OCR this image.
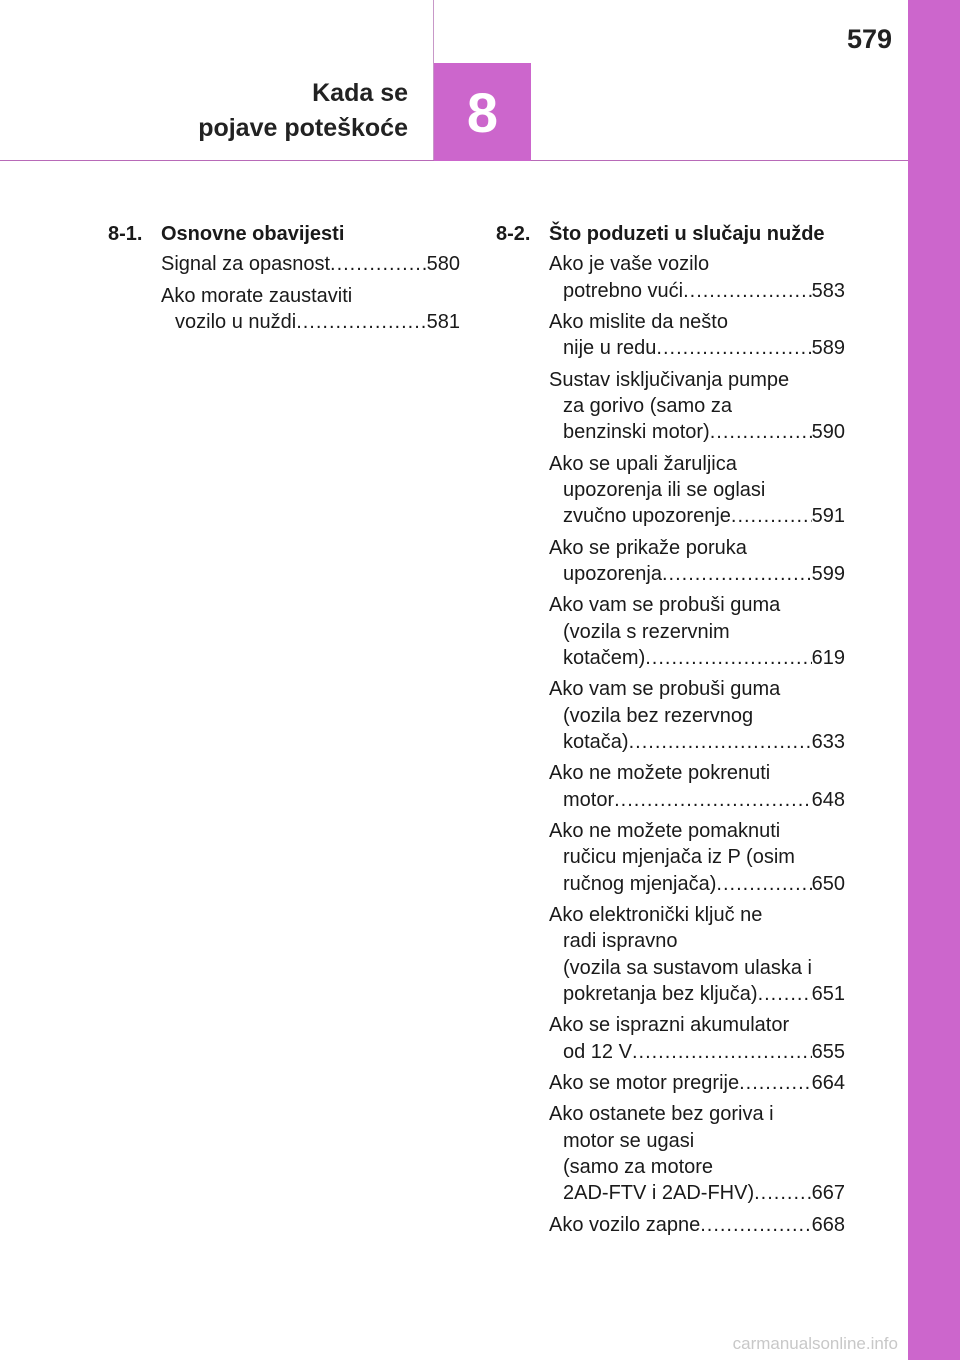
579
Kada se
pojave poteškoće 8
8-1. Osnovne obavijesti
Signal za opasnost .....	580
Ako morate zaustaviti
vozilo u nuždi .....	581
8-2. Što poduzeti u slučaju nužde
Ako je vaše vozilo
potrebno vući .....	583
Ako mislite da nešto
nije u redu .....	589
Sustav isključivanja pumpe
za gorivo (samo za
benzinski motor) .....	590
Ako se upali žaruljica
upozorenja ili se oglasi
zvučno upozorenje .....	591
Ako se prikaže poruka
upozorenja .....	599
Ako vam se probuši guma
(vozila s rezervnim
kotačem) .....	619
Ako vam se probuši guma
(vozila bez rezervnog
kotača) .....	633
Ako ne možete pokrenuti
motor .....	648
Ako ne možete pomaknuti
ručicu mjenjača iz P (osim
ručnog mjenjača) .....	650
Ako elektronički ključ ne
radi ispravno
(vozila sa sustavom ulaska i
pokretanja bez ključa) .....	651
Ako se isprazni akumulator
od 12 V .....	655
Ako se motor pregrije .....	664
Ako ostanete bez goriva i
motor se ugasi
(samo za motore
2AD-FTV i 2AD-FHV) .....	667
Ako vozilo zapne .....	668
carmanualsonline.info
